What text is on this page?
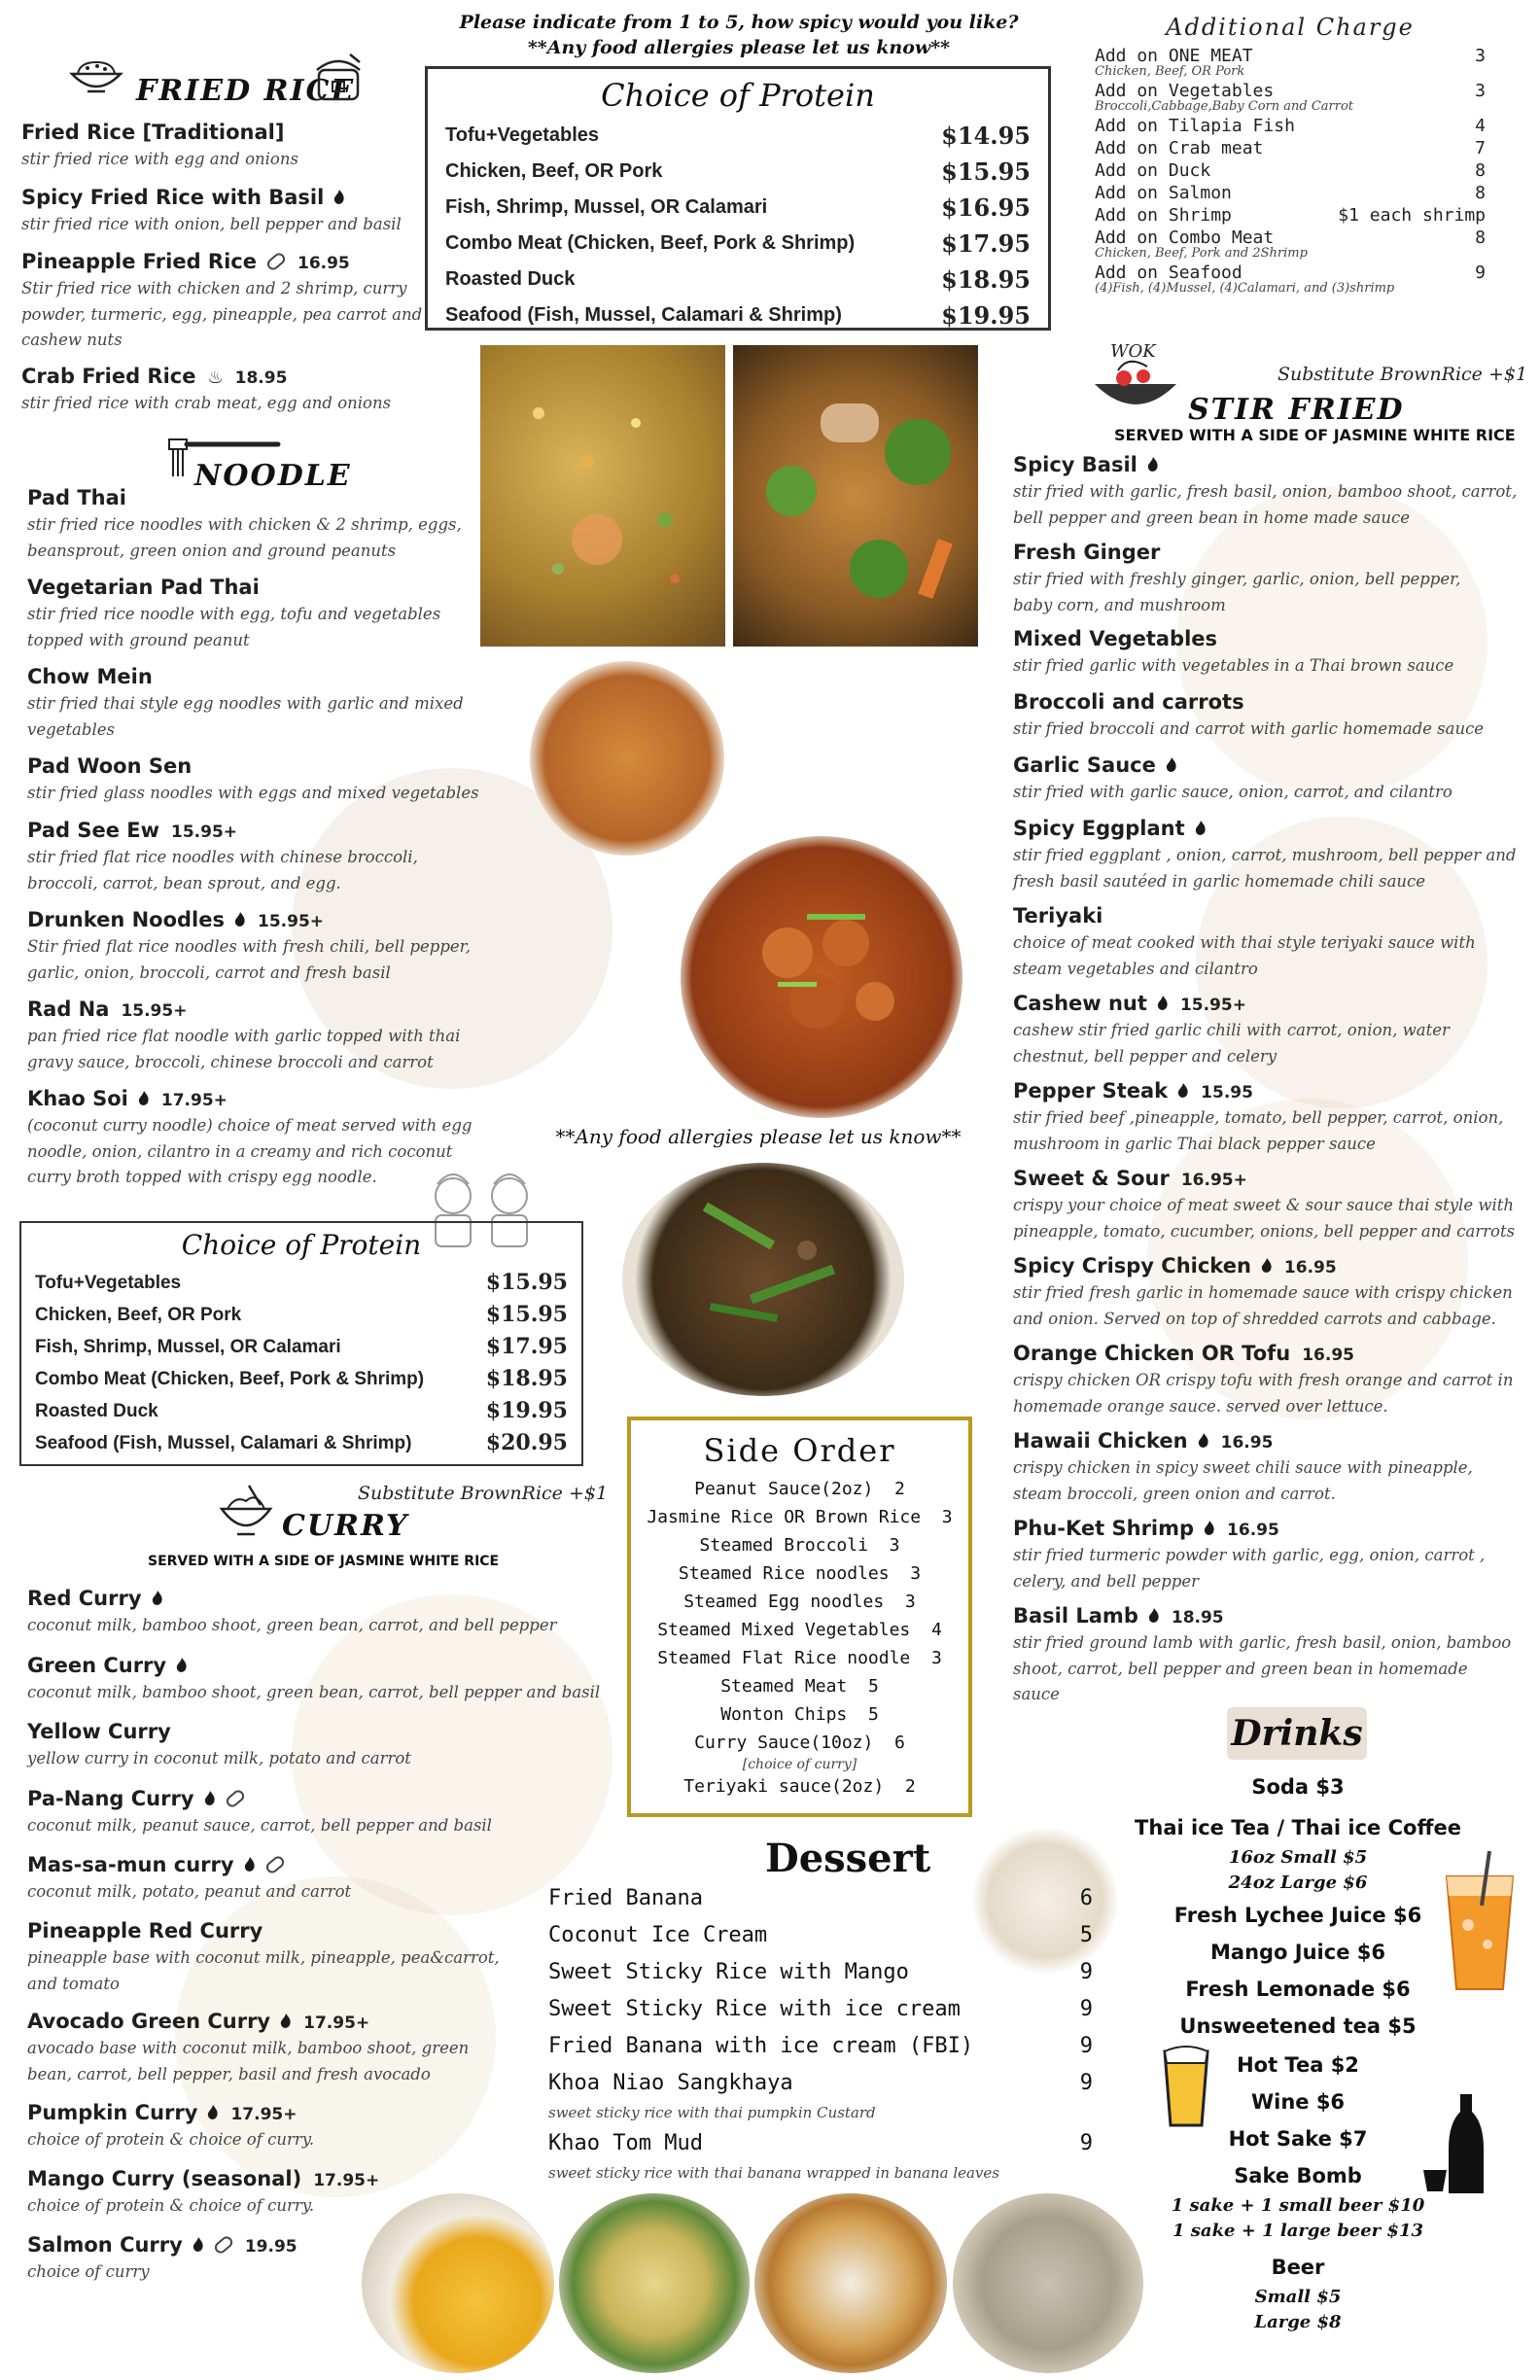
Please indicate from 1 to 5, how spicy would you like?
**Any food allergies please let us know**
FRIED RICE
Fried Rice [Traditional]
stir fried rice with egg and onions
Spicy Fried Rice with Basil
stir fried rice with onion, bell pepper and basil
Pineapple Fried Rice 16.95
Stir fried rice with chicken and 2 shrimp, curry powder, turmeric, egg, pineapple, pea carrot and cashew nuts
Crab Fried Rice ♨ 18.95
stir fried rice with crab meat, egg and onions
NOODLE
Pad Thai
stir fried rice noodles with chicken & 2 shrimp, eggs, beansprout, green onion and ground peanuts
Vegetarian Pad Thai
stir fried rice noodle with egg, tofu and vegetables topped with ground peanut
Chow Mein
stir fried thai style egg noodles with garlic and mixed vegetables
Pad Woon Sen
stir fried glass noodles with eggs and mixed vegetables
Pad See Ew 15.95+
stir fried flat rice noodles with chinese broccoli, broccoli, carrot, bean sprout, and egg.
Drunken Noodles 15.95+
Stir fried flat rice noodles with fresh chili, bell pepper, garlic, onion, broccoli, carrot and fresh basil
Rad Na 15.95+
pan fried rice flat noodle with garlic topped with thai gravy sauce, broccoli, chinese broccoli and carrot
Khao Soi 17.95+
(coconut curry noodle) choice of meat served with egg noodle, onion, cilantro in a creamy and rich coconut curry broth topped with crispy egg noodle.
Choice of Protein
Tofu+Vegetables	$15.95
Chicken, Beef, OR Pork	$15.95
Fish, Shrimp, Mussel, OR Calamari	$17.95
Combo Meat (Chicken, Beef, Pork & Shrimp)	$18.95
Roasted Duck	$19.95
Seafood (Fish, Mussel, Calamari & Shrimp)	$20.95
Substitute BrownRice +$1
CURRY
SERVED WITH A SIDE OF JASMINE WHITE RICE
Red Curry
coconut milk, bamboo shoot, green bean, carrot, and bell pepper
Green Curry
coconut milk, bamboo shoot, green bean, carrot, bell pepper and basil
Yellow Curry
yellow curry in coconut milk, potato and carrot
Pa-Nang Curry
coconut milk, peanut sauce, carrot, bell pepper and basil
Mas-sa-mun curry
coconut milk, potato, peanut and carrot
Pineapple Red Curry
pineapple base with coconut milk, pineapple, pea&carrot, and tomato
Avocado Green Curry 17.95+
avocado base with coconut milk, bamboo shoot, green bean, carrot, bell pepper, basil and fresh avocado
Pumpkin Curry 17.95+
choice of protein & choice of curry.
Mango Curry (seasonal) 17.95+
choice of protein & choice of curry.
Salmon Curry	19.95
choice of curry
Choice of Protein
Tofu+Vegetables	$14.95
Chicken, Beef, OR Pork	$15.95
Fish, Shrimp, Mussel, OR Calamari	$16.95
Combo Meat (Chicken, Beef, Pork & Shrimp)	$17.95
Roasted Duck	$18.95
Seafood (Fish, Mussel, Calamari & Shrimp)	$19.95
**Any food allergies please let us know**
Side Order
Peanut Sauce(2oz) 2
Jasmine Rice OR Brown Rice 3
Steamed Broccoli 3
Steamed Rice noodles 3
Steamed Egg noodles 3
Steamed Mixed Vegetables 4
Steamed Flat Rice noodle 3
Steamed Meat 5
Wonton Chips 5
Curry Sauce(10oz) 6
[choice of curry]
Teriyaki sauce(2oz) 2
Dessert
Fried Banana	6
Coconut Ice Cream	5
Sweet Sticky Rice with Mango	9
Sweet Sticky Rice with ice cream	9
Fried Banana with ice cream (FBI)	9
Khoa Niao Sangkhaya	9
sweet sticky rice with thai pumpkin Custard
Khao Tom Mud	9
sweet sticky rice with thai banana wrapped in banana leaves
Additional Charge
Add on ONE MEAT	3
Chicken, Beef, OR Pork
Add on Vegetables	3
Broccoli,Cabbage,Baby Corn and Carrot
Add on Tilapia Fish	4
Add on Crab meat	7
Add on Duck	8
Add on Salmon	8
Add on Shrimp	$1 each shrimp
Add on Combo Meat	8
Chicken, Beef, Pork and 2Shrimp
Add on Seafood	9
(4)Fish, (4)Mussel, (4)Calamari, and (3)shrimp
WOK
Substitute BrownRice +$1
STIR FRIED
SERVED WITH A SIDE OF JASMINE WHITE RICE
Spicy Basil
stir fried with garlic, fresh basil, onion, bamboo shoot, carrot, bell pepper and green bean in home made sauce
Fresh Ginger
stir fried with freshly ginger, garlic, onion, bell pepper, baby corn, and mushroom
Mixed Vegetables
stir fried garlic with vegetables in a Thai brown sauce
Broccoli and carrots
stir fried broccoli and carrot with garlic homemade sauce
Garlic Sauce
stir fried with garlic sauce, onion, carrot, and cilantro
Spicy Eggplant
stir fried eggplant , onion, carrot, mushroom, bell pepper and fresh basil sautéed in garlic homemade chili sauce
Teriyaki
choice of meat cooked with thai style teriyaki sauce with steam vegetables and cilantro
Cashew nut 15.95+
cashew stir fried garlic chili with carrot, onion, water chestnut, bell pepper and celery
Pepper Steak 15.95
stir fried beef ,pineapple, tomato, bell pepper, carrot, onion, mushroom in garlic Thai black pepper sauce
Sweet & Sour 16.95+
crispy your choice of meat sweet & sour sauce thai style with pineapple, tomato, cucumber, onions, bell pepper and carrots
Spicy Crispy Chicken 16.95
stir fried fresh garlic in homemade sauce with crispy chicken and onion. Served on top of shredded carrots and cabbage.
Orange Chicken OR Tofu 16.95
crispy chicken OR crispy tofu with fresh orange and carrot in homemade orange sauce. served over lettuce.
Hawaii Chicken 16.95
crispy chicken in spicy sweet chili sauce with pineapple, steam broccoli, green onion and carrot.
Phu-Ket Shrimp 16.95
stir fried turmeric powder with garlic, egg, onion, carrot , celery, and bell pepper
Basil Lamb 18.95
stir fried ground lamb with garlic, fresh basil, onion, bamboo shoot, carrot, bell pepper and green bean in homemade sauce
Drinks
Soda $3
Thai ice Tea / Thai ice Coffee
16oz Small $5
24oz Large $6
Fresh Lychee Juice $6
Mango Juice $6
Fresh Lemonade $6
Unsweetened tea $5
Hot Tea $2
Wine $6
Hot Sake $7
Sake Bomb
1 sake + 1 small beer $10
1 sake + 1 large beer $13
Beer
Small $5
Large $8
